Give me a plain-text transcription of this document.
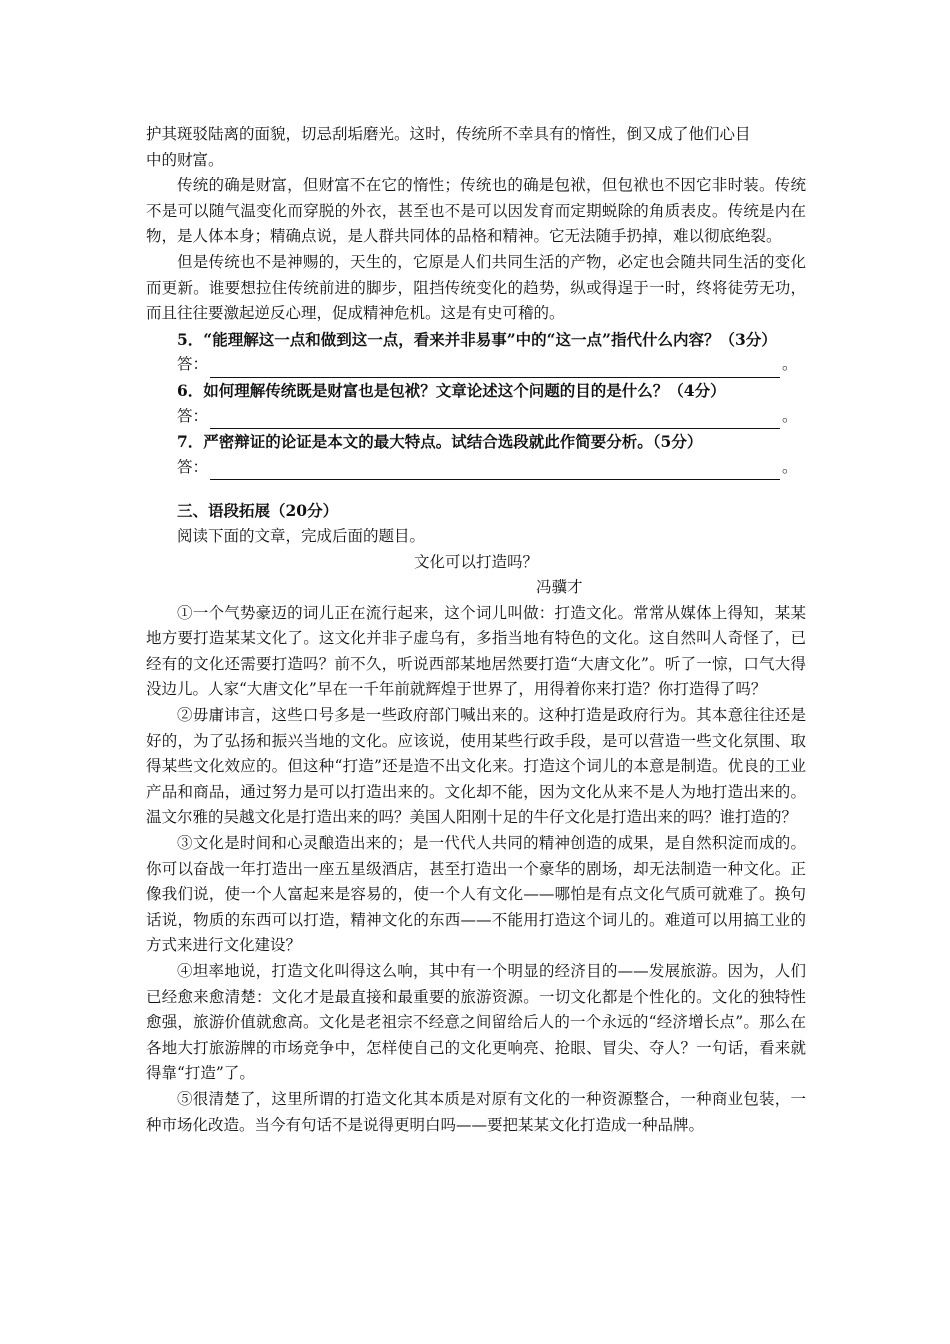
护其斑驳陆离的面貌，切忌刮垢磨光。这时，传统所不幸具有的惰性，倒又成了他们心目
中的财富。

传统的确是财富，但财富不在它的惰性；传统也的确是包袱，但包袱也不因它非时装。传统不是可以随气温变化而穿脱的外衣，甚至也不是可以因发育而定期蜕除的角质表皮。传统是内在物，是人体本身；精确点说，是人群共同体的品格和精神。它无法随手扔掉，难以彻底绝裂。

但是传统也不是神赐的，天生的，它原是人们共同生活的产物，必定也会随共同生活的变化而更新。谁要想拉住传统前进的脚步，阻挡传统变化的趋势，纵或得逞于一时，终将徒劳无功，而且往往要激起逆反心理，促成精神危机。这是有史可稽的。

5．“能理解这一点和做到这一点，看来并非易事”中的“这一点”指代什么内容？（3分）
答：	。
6．如何理解传统既是财富也是包袱？文章论述这个问题的目的是什么？（4分）
答：	。
7．严密辩证的论证是本文的最大特点。试结合选段就此作简要分析。（5分）
答：	。
三、语段拓展（20分）
阅读下面的文章，完成后面的题目。
文化可以打造吗？
冯骥才

①一个气势豪迈的词儿正在流行起来，这个词儿叫做：打造文化。常常从媒体上得知，某某地方要打造某某文化了。这文化并非子虚乌有，多指当地有特色的文化。这自然叫人奇怪了，已经有的文化还需要打造吗？前不久，听说西部某地居然要打造“大唐文化”。听了一惊，口气大得没边儿。人家“大唐文化”早在一千年前就辉煌于世界了，用得着你来打造？你打造得了吗？

②毋庸讳言，这些口号多是一些政府部门喊出来的。这种打造是政府行为。其本意往往还是好的，为了弘扬和振兴当地的文化。应该说，使用某些行政手段，是可以营造一些文化氛围、取得某些文化效应的。但这种“打造”还是造不出文化来。打造这个词儿的本意是制造。优良的工业产品和商品，通过努力是可以打造出来的。文化却不能，因为文化从来不是人为地打造出来的。温文尔雅的吴越文化是打造出来的吗？美国人阳刚十足的牛仔文化是打造出来的吗？谁打造的？

③文化是时间和心灵酿造出来的；是一代代人共同的精神创造的成果，是自然积淀而成的。你可以奋战一年打造出一座五星级酒店，甚至打造出一个豪华的剧场，却无法制造一种文化。正像我们说，使一个人富起来是容易的，使一个人有文化——哪怕是有点文化气质可就难了。换句话说，物质的东西可以打造，精神文化的东西——不能用打造这个词儿的。难道可以用搞工业的方式来进行文化建设？

④坦率地说，打造文化叫得这么响，其中有一个明显的经济目的——发展旅游。因为，人们已经愈来愈清楚：文化才是最直接和最重要的旅游资源。一切文化都是个性化的。文化的独特性愈强，旅游价值就愈高。文化是老祖宗不经意之间留给后人的一个永远的“经济增长点”。那么在各地大打旅游牌的市场竞争中，怎样使自己的文化更响亮、抢眼、冒尖、夺人？一句话，看来就得靠“打造”了。

⑤很清楚了，这里所谓的打造文化其本质是对原有文化的一种资源整合，一种商业包装，一种市场化改造。当今有句话不是说得更明白吗——要把某某文化打造成一种品牌。
